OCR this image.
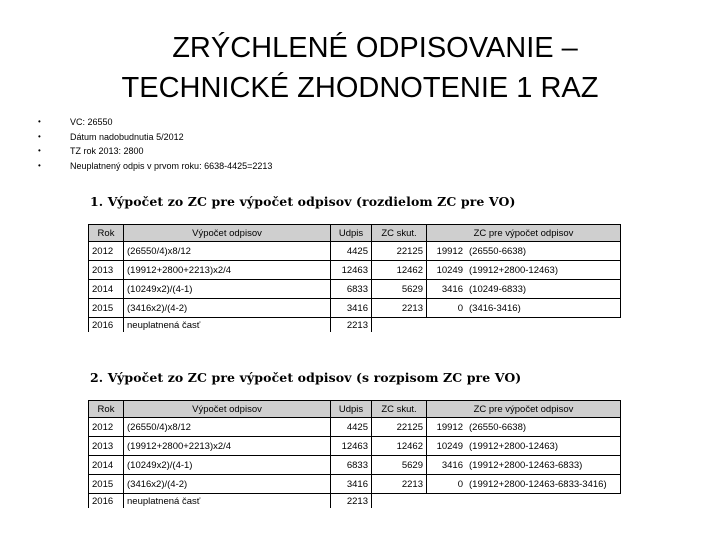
ZRÝCHLENÉ ODPISOVANIE –
TECHNICKÉ ZHODNOTENIE 1 RAZ
• VC: 26550
• Dátum nadobudnutia 5/2012
• TZ rok 2013: 2800
• Neuplatnený odpis v prvom roku: 6638-4425=2213
1. Výpočet zo ZC pre výpočet odpisov (rozdielom ZC pre VO)
Rok	Výpočet odpisov	Udpis	ZC skut.	ZC pre výpočet odpisov	
2012	(26550/4)x8/12	4425	22125	19912	(26550-6638)
2013	(19912+2800+2213)x2/4	12463	12462	10249	(19912+2800-12463)
2014	(10249x2)/(4-1)	6833	5629	3416	(10249-6833)
2015	(3416x2)/(4-2)	3416	2213	0	(3416-3416)
2016	neuplatnená časť	2213			
2. Výpočet zo ZC pre výpočet odpisov (s rozpisom ZC pre VO)
Rok	Výpočet odpisov	Udpis	ZC skut.	ZC pre výpočet odpisov	
2012	(26550/4)x8/12	4425	22125	19912	(26550-6638)
2013	(19912+2800+2213)x2/4	12463	12462	10249	(19912+2800-12463)
2014	(10249x2)/(4-1)	6833	5629	3416	(19912+2800-12463-6833)
2015	(3416x2)/(4-2)	3416	2213	0	(19912+2800-12463-6833-3416)
2016	neuplatnená časť	2213			
